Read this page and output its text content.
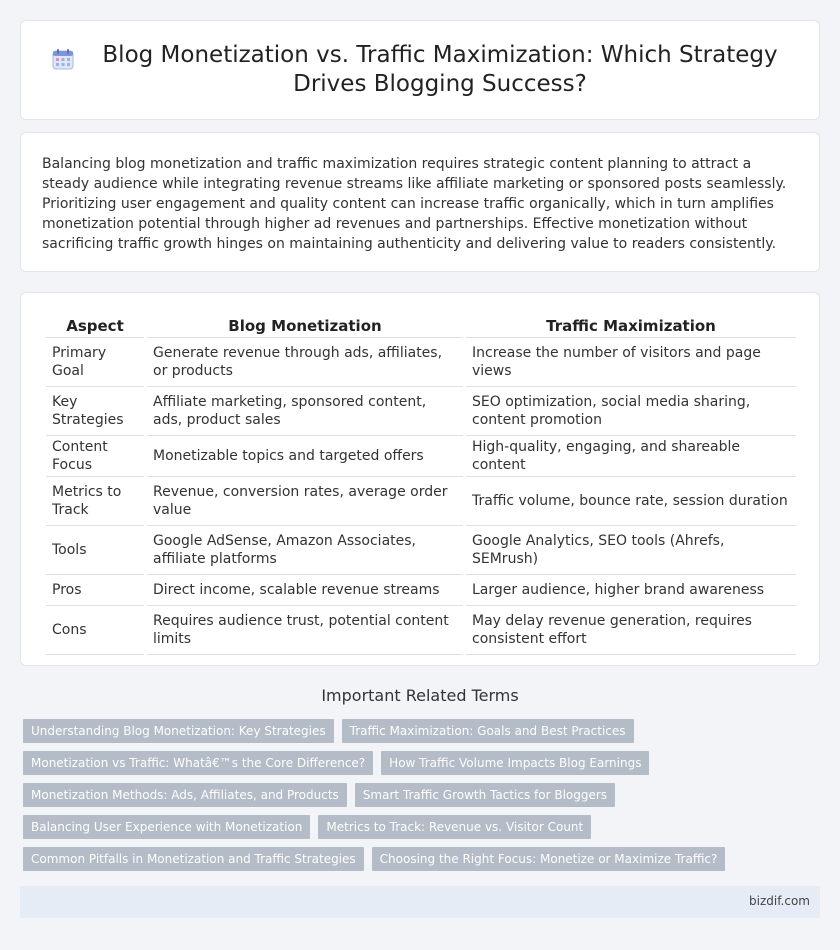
Blog Monetization vs. Traffic Maximization: Which Strategy Drives Blogging Success?

Balancing blog monetization and traffic maximization requires strategic content planning to attract a steady audience while integrating revenue streams like affiliate marketing or sponsored posts seamlessly. Prioritizing user engagement and quality content can increase traffic organically, which in turn amplifies monetization potential through higher ad revenues and partnerships. Effective monetization without sacrificing traffic growth hinges on maintaining authenticity and delivering value to readers consistently.

Aspect	Blog Monetization	Traffic Maximization
Primary Goal	Generate revenue through ads, affiliates, or products	Increase the number of visitors and page views
Key Strategies	Affiliate marketing, sponsored content, ads, product sales	SEO optimization, social media sharing, content promotion
Content Focus	Monetizable topics and targeted offers	High-quality, engaging, and shareable content
Metrics to Track	Revenue, conversion rates, average order value	Traffic volume, bounce rate, session duration
Tools	Google AdSense, Amazon Associates, affiliate platforms	Google Analytics, SEO tools (Ahrefs, SEMrush)
Pros	Direct income, scalable revenue streams	Larger audience, higher brand awareness
Cons	Requires audience trust, potential content limits	May delay revenue generation, requires consistent effort
Important Related Terms
Understanding Blog Monetization: Key Strategies	Traffic Maximization: Goals and Best Practices
Monetization vs Traffic: Whatâ€™s the Core Difference?	How Traffic Volume Impacts Blog Earnings
Monetization Methods: Ads, Affiliates, and Products	Smart Traffic Growth Tactics for Bloggers
Balancing User Experience with Monetization	Metrics to Track: Revenue vs. Visitor Count
Common Pitfalls in Monetization and Traffic Strategies	Choosing the Right Focus: Monetize or Maximize Traffic?
bizdif.com
